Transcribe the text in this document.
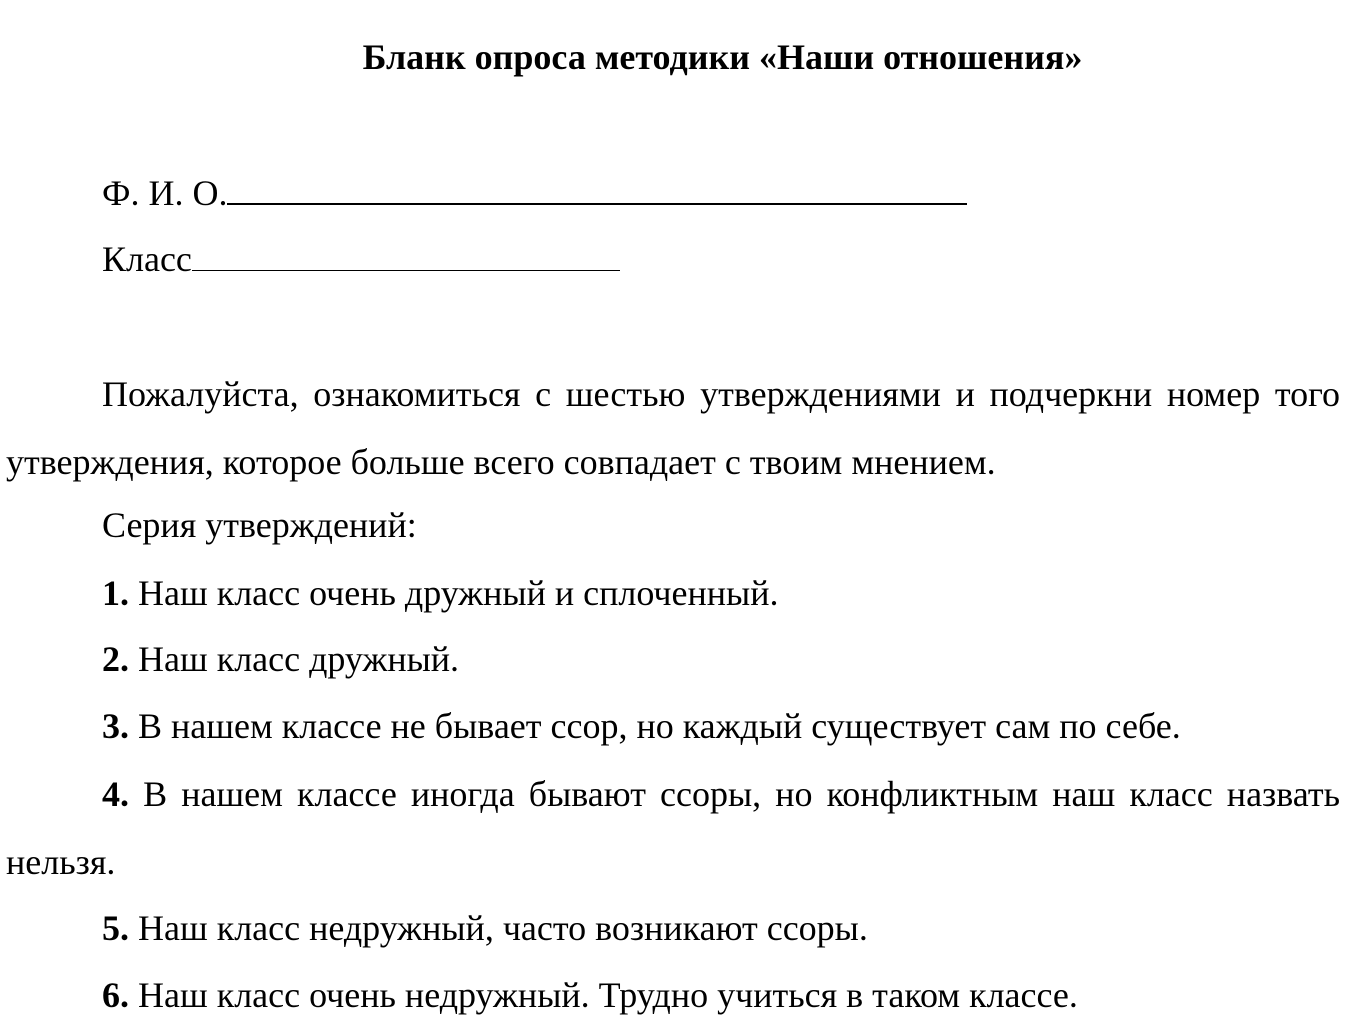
Бланк опроса методики «Наши отношения»
Ф. И. О.
Класс
Пожалуйста, ознакомиться с шестью утверждениями и подчеркни номер того утверждения, которое больше всего совпадает с твоим мнением.
Серия утверждений:
1. Наш класс очень дружный и сплоченный.
2. Наш класс дружный.
3. В нашем классе не бывает ссор, но каждый существует сам по себе.
4. В нашем классе иногда бывают ссоры, но конфликтным наш класс назвать нельзя.
5. Наш класс недружный, часто возникают ссоры.
6. Наш класс очень недружный. Трудно учиться в таком классе.
